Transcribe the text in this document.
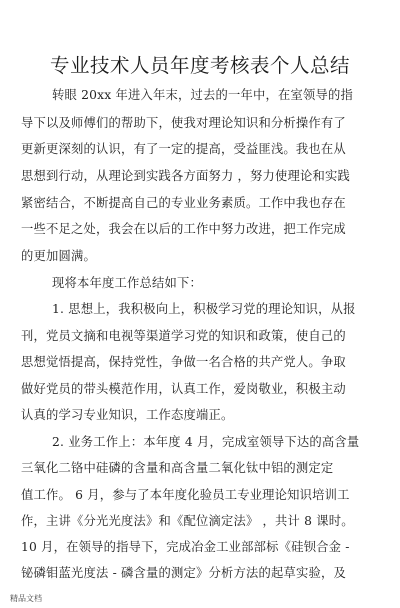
专业技术人员年度考核表个人总结
转眼 20xx 年进入年末，过去的一年中，在室领导的指
导下以及师傅们的帮助下，使我对理论知识和分析操作有了
更新更深刻的认识，有了一定的提高，受益匪浅。我也在从
思想到行动，从理论到实践各方面努力 ，努力使理论和实践
紧密结合，不断提高自己的专业业务素质。工作中我也存在
一些不足之处，我会在以后的工作中努力改进，把工作完成
的更加圆满。
现将本年度工作总结如下：
1. 思想上，我积极向上，积极学习党的理论知识，从报
刊，党员文摘和电视等渠道学习党的知识和政策，使自己的
思想觉悟提高，保持党性，争做一名合格的共产党人。争取
做好党员的带头模范作用，认真工作，爱岗敬业，积极主动
认真的学习专业知识，工作态度端正。
2. 业务工作上：本年度 4 月，完成室领导下达的高含量
三氧化二铬中硅磷的含量和高含量二氧化钛中铝的测定定
值工作。 6 月，参与了本年度化验员工专业理论知识培训工
作，主讲《分光光度法》和《配位滴定法》 ，共计 8 课时。
10 月，在领导的指导下，完成冶金工业部部标《硅钡合金 -
铋磷钼蓝光度法 - 磷含量的测定》分析方法的起草实验，及
精品文档
